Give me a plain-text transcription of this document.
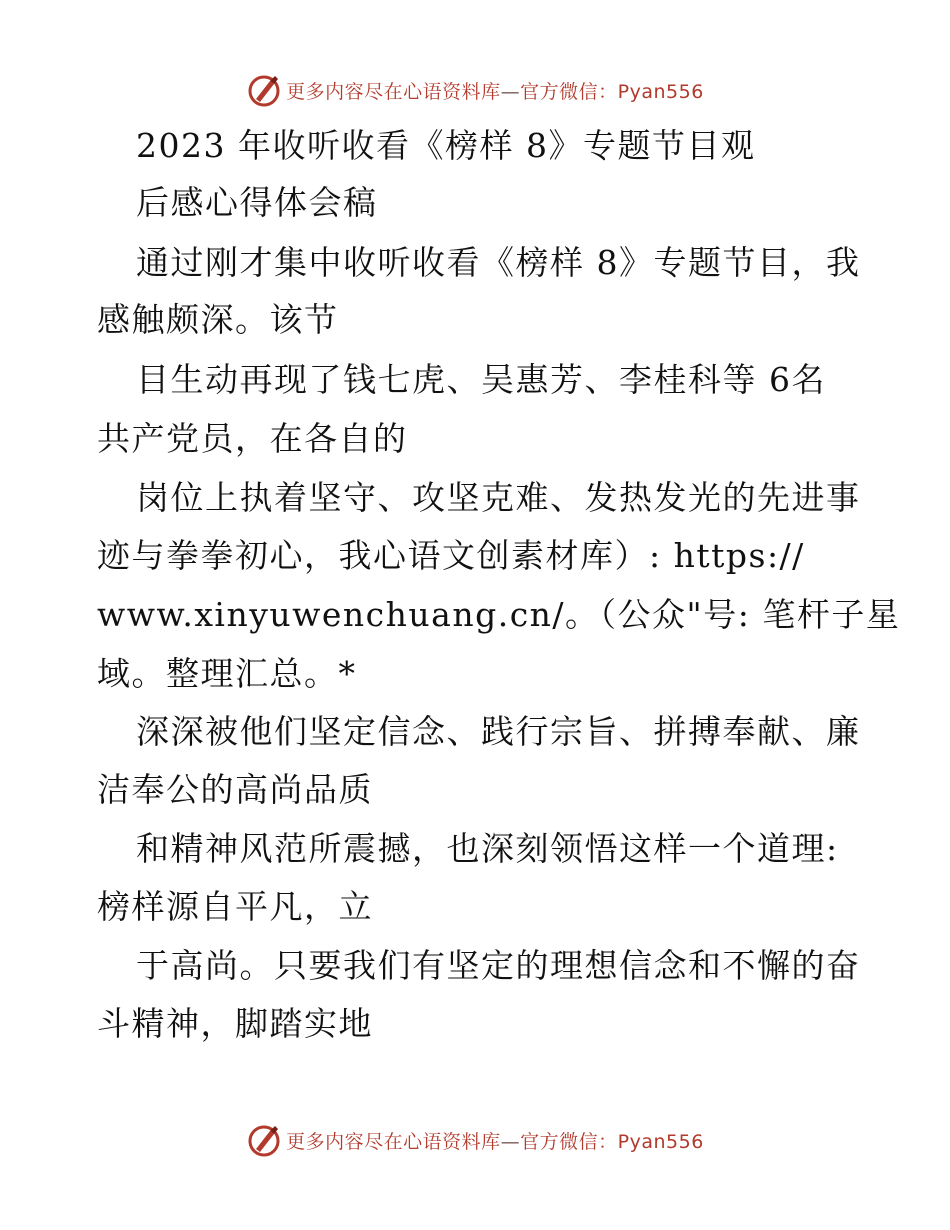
更多内容尽在心语资料库—官方微信：Pyan556
2023 年收听收看《榜样 8》专题节目观
后感心得体会稿
通过刚才集中收听收看《榜样 8》专题节目，我
感触颇深。该节
目生动再现了钱七虎、吴惠芳、李桂科等 6名
共产党员，在各自的
岗位上执着坚守、攻坚克难、发热发光的先进事
迹与拳拳初心，我心语文创素材库）: https://
www.xinyuwenchuang.cn/。（公众"号: 笔杆子星
域。整理汇总。*
深深被他们坚定信念、践行宗旨、拼搏奉献、廉
洁奉公的高尚品质
和精神风范所震撼，也深刻领悟这样一个道理:
榜样源自平凡，立
于高尚。只要我们有坚定的理想信念和不懈的奋
斗精神，脚踏实地
更多内容尽在心语资料库—官方微信：Pyan556
